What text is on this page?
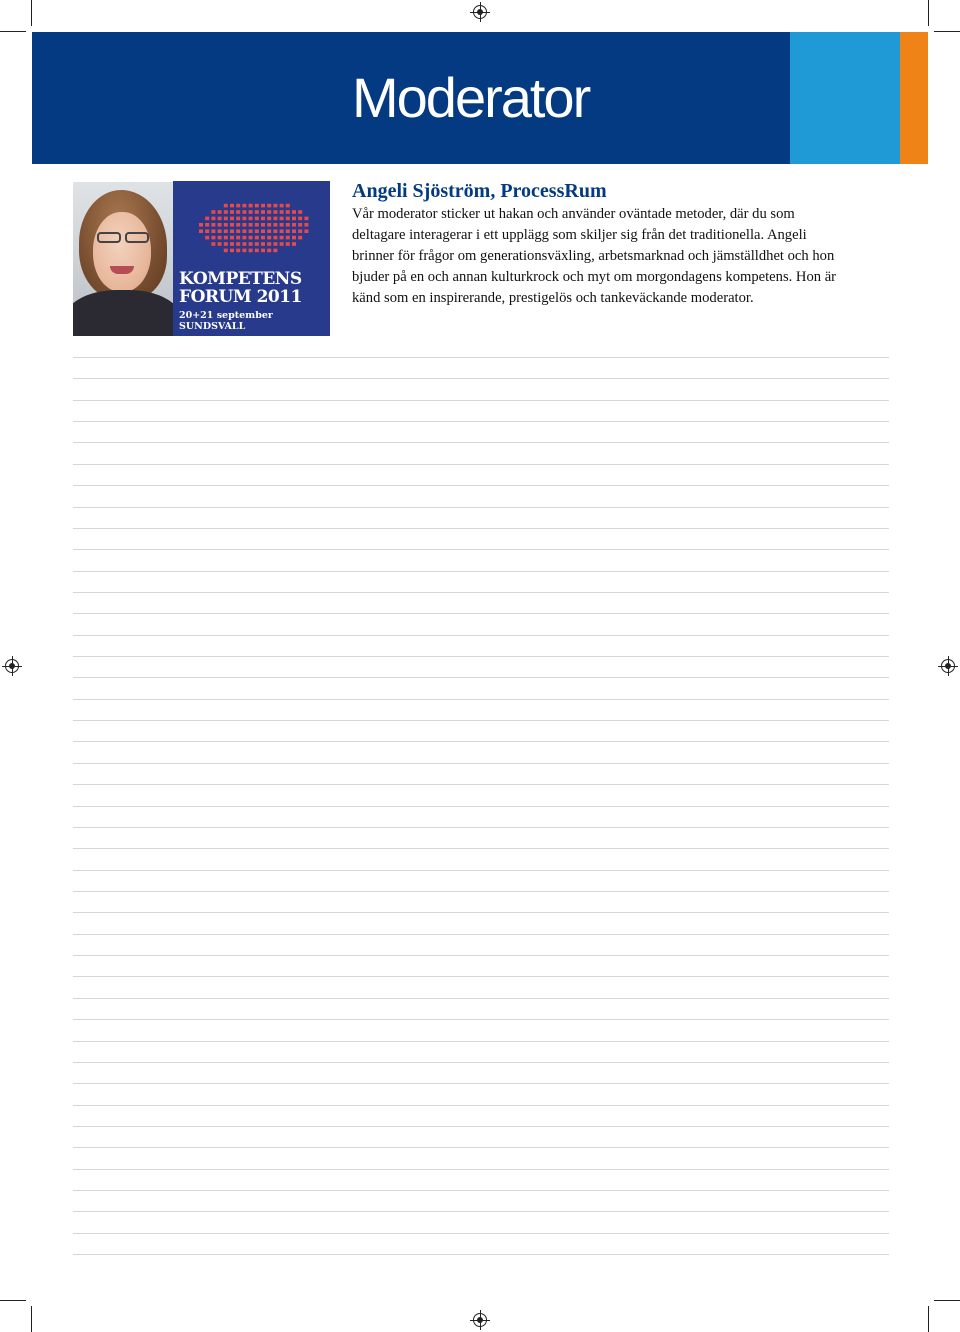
Moderator
KOMPETENS
FORUM 2011
20+21 september
SUNDSVALL
Angeli Sjöström, ProcessRum

Vår moderator sticker ut hakan och använder oväntade metoder, där du som deltagare interagerar i ett upplägg som skiljer sig från det traditionella. Angeli brinner för frågor om generationsväxling, arbetsmarknad och jämställdhet och hon bjuder på en och annan kulturkrock och myt om morgondagens kompetens. Hon är känd som en inspirerande, prestigelös och tankeväckande moderator.
